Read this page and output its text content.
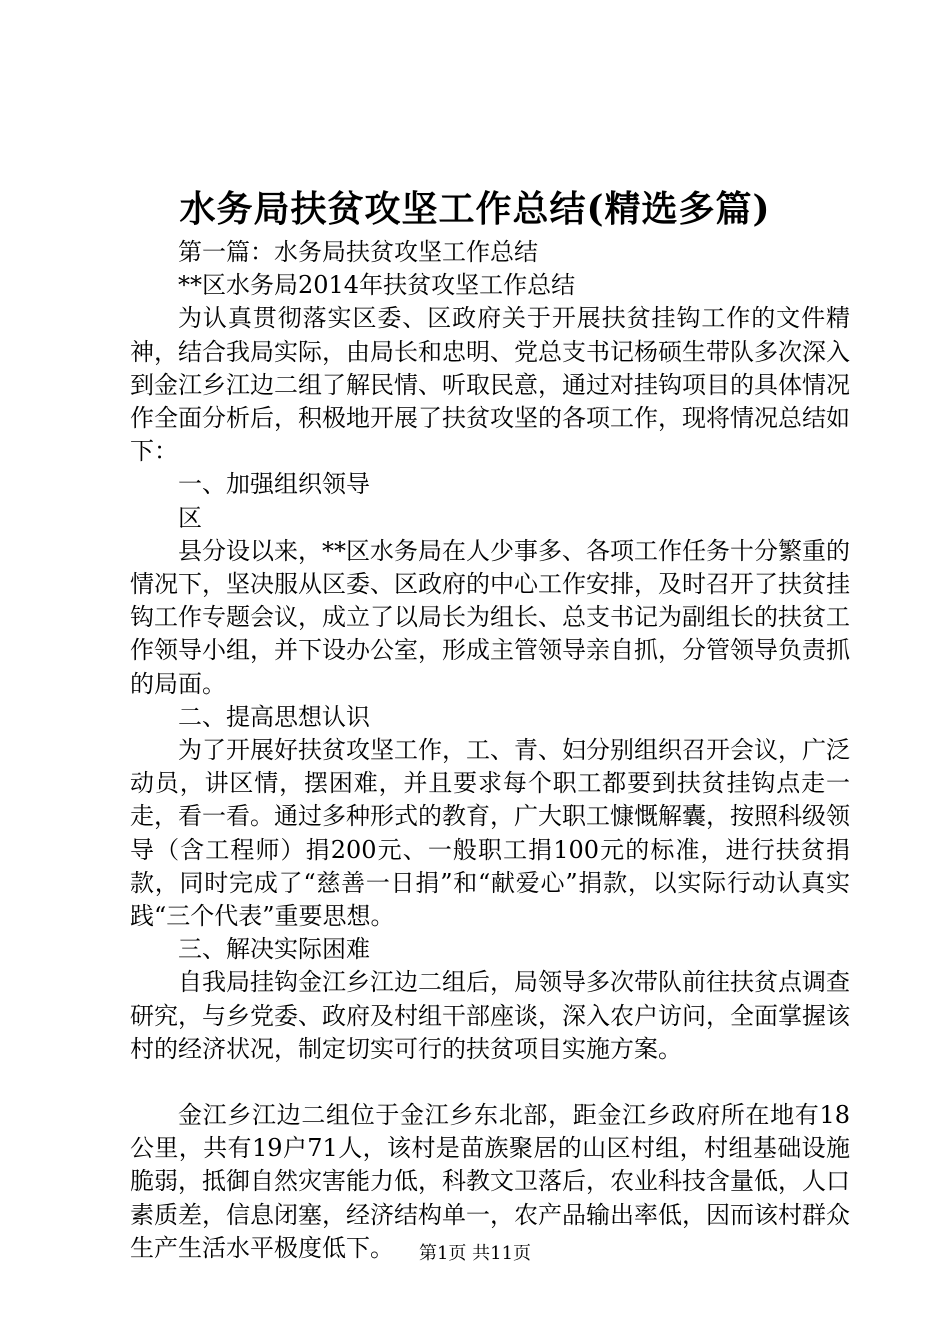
水务局扶贫攻坚工作总结(精选多篇)

第一篇：水务局扶贫攻坚工作总结

**区水务局2014年扶贫攻坚工作总结

为认真贯彻落实区委、区政府关于开展扶贫挂钩工作的文件精神，结合我局实际，由局长和忠明、党总支书记杨硕生带队多次深入到金江乡江边二组了解民情、听取民意，通过对挂钩项目的具体情况作全面分析后，积极地开展了扶贫攻坚的各项工作，现将情况总结如下：

一、加强组织领导

区

县分设以来，**区水务局在人少事多、各项工作任务十分繁重的情况下，坚决服从区委、区政府的中心工作安排，及时召开了扶贫挂钩工作专题会议，成立了以局长为组长、总支书记为副组长的扶贫工作领导小组，并下设办公室，形成主管领导亲自抓，分管领导负责抓的局面。

二、提高思想认识

为了开展好扶贫攻坚工作，工、青、妇分别组织召开会议，广泛动员，讲区情，摆困难，并且要求每个职工都要到扶贫挂钩点走一走，看一看。通过多种形式的教育，广大职工慷慨解囊，按照科级领导（含工程师）捐200元、一般职工捐100元的标准，进行扶贫捐款，同时完成了“慈善一日捐”和“献爱心”捐款，以实际行动认真实践“三个代表”重要思想。

三、解决实际困难

自我局挂钩金江乡江边二组后，局领导多次带队前往扶贫点调查研究，与乡党委、政府及村组干部座谈，深入农户访问，全面掌握该村的经济状况，制定切实可行的扶贫项目实施方案。

金江乡江边二组位于金江乡东北部，距金江乡政府所在地有18公里，共有19户71人，该村是苗族聚居的山区村组，村组基础设施脆弱，抵御自然灾害能力低，科教文卫落后，农业科技含量低，人口素质差，信息闭塞，经济结构单一，农产品输出率低，因而该村群众生产生活水平极度低下。	第1页 共11页
